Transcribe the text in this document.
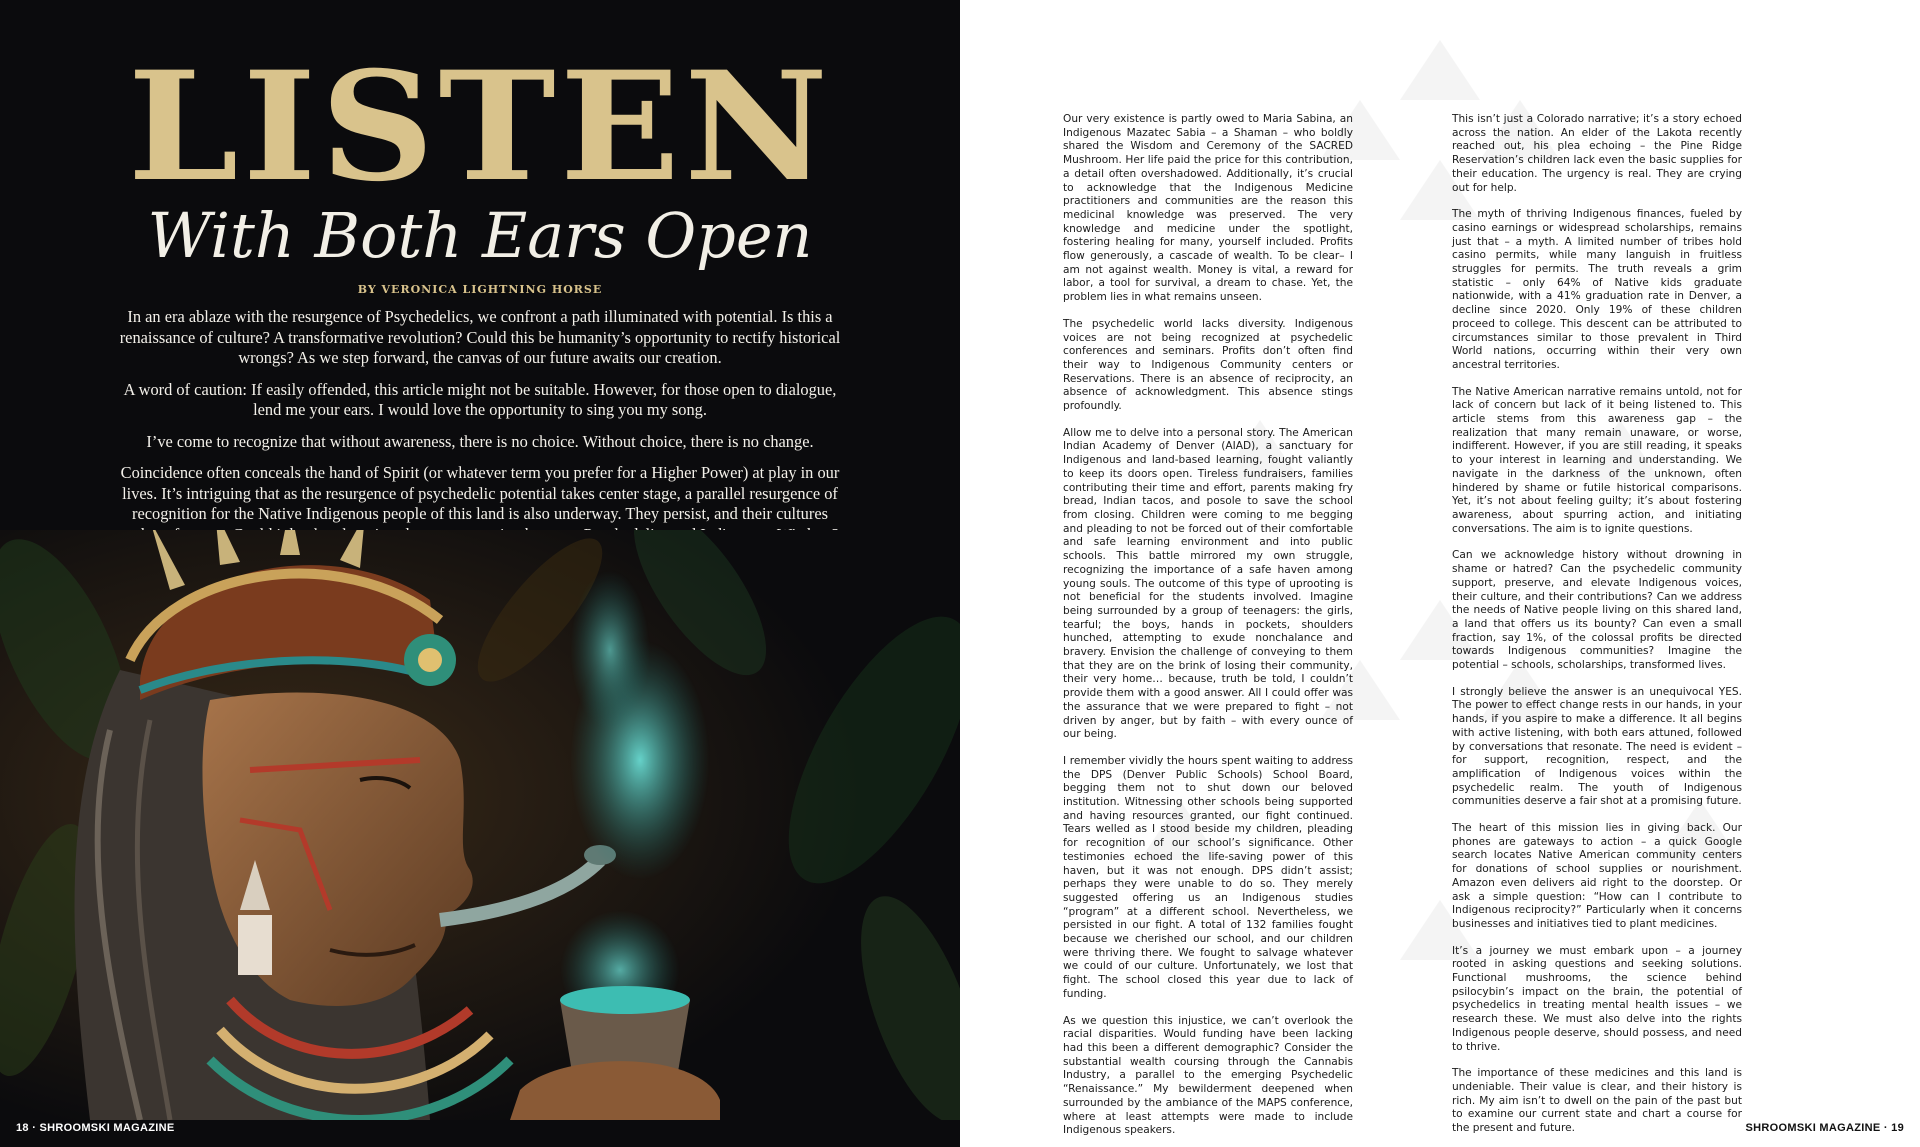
LISTEN
With Both Ears Open
BY VERONICA LIGHTNING HORSE

In an era ablaze with the resurgence of Psychedelics, we confront a path illuminated with potential. Is this a renaissance of culture? A transformative revolution? Could this be humanity’s opportunity to rectify historical wrongs? As we step forward, the canvas of our future awaits our creation.

A word of caution: If easily offended, this article might not be suitable. However, for those open to dialogue, lend me your ears. I would love the opportunity to sing you my song.

I’ve come to recognize that without awareness, there is no choice. Without choice, there is no change.

Coincidence often conceals the hand of Spirit (or whatever term you prefer for a Higher Power) at play in our lives. It’s intriguing that as the resurgence of psychedelic potential takes center stage, a parallel resurgence of recognition for the Native Indigenous people of this land is also underway. They persist, and their cultures

18 · SHROOMSKI MAGAZINE

Our very existence is partly owed to Maria Sabina, an Indigenous Mazatec Sabia – a Shaman – who boldly shared the Wisdom and Ceremony of the SACRED Mushroom. Her life paid the price for this contribution, a detail often overshadowed. Additionally, it’s crucial to acknowledge that the Indigenous Medicine practitioners and communities are the reason this medicinal knowledge was preserved. The very knowledge and medicine under the spotlight, fostering healing for many, yourself included. Profits flow generously, a cascade of wealth. To be clear– I am not against wealth. Money is vital, a reward for labor, a tool for survival, a dream to chase. Yet, the problem lies in what remains unseen.

The psychedelic world lacks diversity. Indigenous voices are not being recognized at psychedelic conferences and seminars. Profits don’t often find their way to Indigenous Community centers or Reservations. There is an absence of reciprocity, an absence of acknowledgment. This absence stings profoundly.

Allow me to delve into a personal story. The American Indian Academy of Denver (AIAD), a sanctuary for Indigenous and land-based learning, fought valiantly to keep its doors open. Tireless fundraisers, families contributing their time and effort, parents making fry bread, Indian tacos, and posole to save the school from closing. Children were coming to me begging and pleading to not be forced out of their comfortable and safe learning environment and into public schools. This battle mirrored my own struggle, recognizing the importance of a safe haven among young souls. The outcome of this type of uprooting is not beneficial for the students involved. Imagine being surrounded by a group of teenagers: the girls, tearful; the boys, hands in pockets, shoulders hunched, attempting to exude nonchalance and bravery. Envision the challenge of conveying to them that they are on the brink of losing their community, their very home… because, truth be told, I couldn’t provide them with a good answer. All I could offer was the assurance that we were prepared to fight – not driven by anger, but by faith – with every ounce of our being.

I remember vividly the hours spent waiting to address the DPS (Denver Public Schools) School Board, begging them not to shut down our beloved institution. Witnessing other schools being supported and having resources granted, our fight continued. Tears welled as I stood beside my children, pleading for recognition of our school’s significance. Other testimonies echoed the life-saving power of this haven, but it was not enough. DPS didn’t assist; perhaps they were unable to do so. They merely suggested offering us an Indigenous studies “program” at a different school. Nevertheless, we persisted in our fight. A total of 132 families fought because we cherished our school, and our children were thriving there. We fought to salvage whatever we could of our culture. Unfortunately, we lost that fight. The school closed this year due to lack of funding.

As we question this injustice, we can’t overlook the racial disparities. Would funding have been lacking had this been a different demographic? Consider the substantial wealth coursing through the Cannabis Industry, a parallel to the emerging Psychedelic “Renaissance.” My bewilderment deepened when surrounded by the ambiance of the MAPS conference, where at least attempts were made to include Indigenous speakers.

This isn’t just a Colorado narrative; it’s a story echoed across the nation. An elder of the Lakota recently reached out, his plea echoing – the Pine Ridge Reservation’s children lack even the basic supplies for their education. The urgency is real. They are crying out for help.

The myth of thriving Indigenous finances, fueled by casino earnings or widespread scholarships, remains just that – a myth. A limited number of tribes hold casino permits, while many languish in fruitless struggles for permits. The truth reveals a grim statistic – only 64% of Native kids graduate nationwide, with a 41% graduation rate in Denver, a decline since 2020. Only 19% of these children proceed to college. This descent can be attributed to circumstances similar to those prevalent in Third World nations, occurring within their very own ancestral territories.

The Native American narrative remains untold, not for lack of concern but lack of it being listened to. This article stems from this awareness gap – the realization that many remain unaware, or worse, indifferent. However, if you are still reading, it speaks to your interest in learning and understanding. We navigate in the darkness of the unknown, often hindered by shame or futile historical comparisons. Yet, it’s not about feeling guilty; it’s about fostering awareness, about spurring action, and initiating conversations. The aim is to ignite questions.

Can we acknowledge history without drowning in shame or hatred? Can the psychedelic community support, preserve, and elevate Indigenous voices, their culture, and their contributions? Can we address the needs of Native people living on this shared land, a land that offers us its bounty? Can even a small fraction, say 1%, of the colossal profits be directed towards Indigenous communities? Imagine the potential – schools, scholarships, transformed lives.

I strongly believe the answer is an unequivocal YES. The power to effect change rests in our hands, in your hands, if you aspire to make a difference. It all begins with active listening, with both ears attuned, followed by conversations that resonate. The need is evident – for support, recognition, respect, and the amplification of Indigenous voices within the psychedelic realm. The youth of Indigenous communities deserve a fair shot at a promising future.

The heart of this mission lies in giving back. Our phones are gateways to action – a quick Google search locates Native American community centers for donations of school supplies or nourishment. Amazon even delivers aid right to the doorstep. Or ask a simple question: “How can I contribute to Indigenous reciprocity?” Particularly when it concerns businesses and initiatives tied to plant medicines.

It’s a journey we must embark upon – a journey rooted in asking questions and seeking solutions. Functional mushrooms, the science behind psilocybin’s impact on the brain, the potential of psychedelics in treating mental health issues – we research these. We must also delve into the rights Indigenous people deserve, should possess, and need to thrive.

The importance of these medicines and this land is undeniable. Their value is clear, and their history is rich. My aim isn’t to dwell on the pain of the past but to examine our current state and chart a course for the present and future.	SHROOMSKI MAGAZINE · 19
